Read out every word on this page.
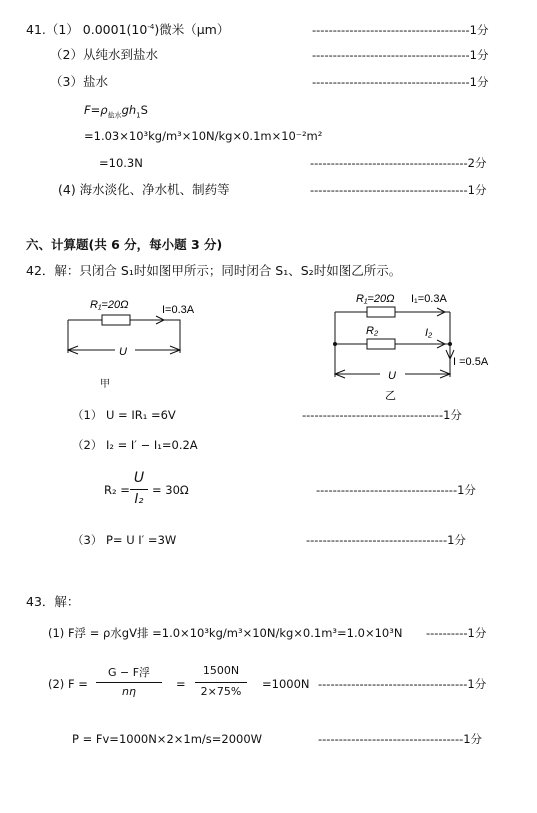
41.（1） $0.0001(10^{-4})$微米（μm）	--------------------------------------1分
（2）从纯水到盐水	--------------------------------------1分
（3）盐水	--------------------------------------1分
$F=\rho_{盐水}gh_1S$
=1.03×10³kg/m³×10N/kg×0.1m×10⁻²m²
=10.3N	--------------------------------------2分
(4) 海水淡化、净水机、制药等	--------------------------------------1分
六、计算题(共 6 分，每小题 3 分)
42．解：只闭合 S₁时如图甲所示；同时闭合 S₁、S₂时如图乙所示。
R₁=20Ω	I=0.3A
U
甲
R₁=20Ω I₁=0.3A
R₂	I₂
U
I =0.5A
乙
（1） U = IR₁ =6V	----------------------------------1分
（2） I₂ = I′ − I₁=0.2A
R₂ =
U
I₂
= 30Ω	----------------------------------1分
（3） P= U I′ =3W	----------------------------------1分
43．解：
(1) F浮 = ρ水gV排 =1.0×10³kg/m³×10N/kg×0.1m³=1.0×10³N ----------1分
(2) F =
G − F浮
nη
=
1500N
2×75%
=1000N ------------------------------------1分
P = Fv=1000N×2×1m/s=2000W	-----------------------------------1分
